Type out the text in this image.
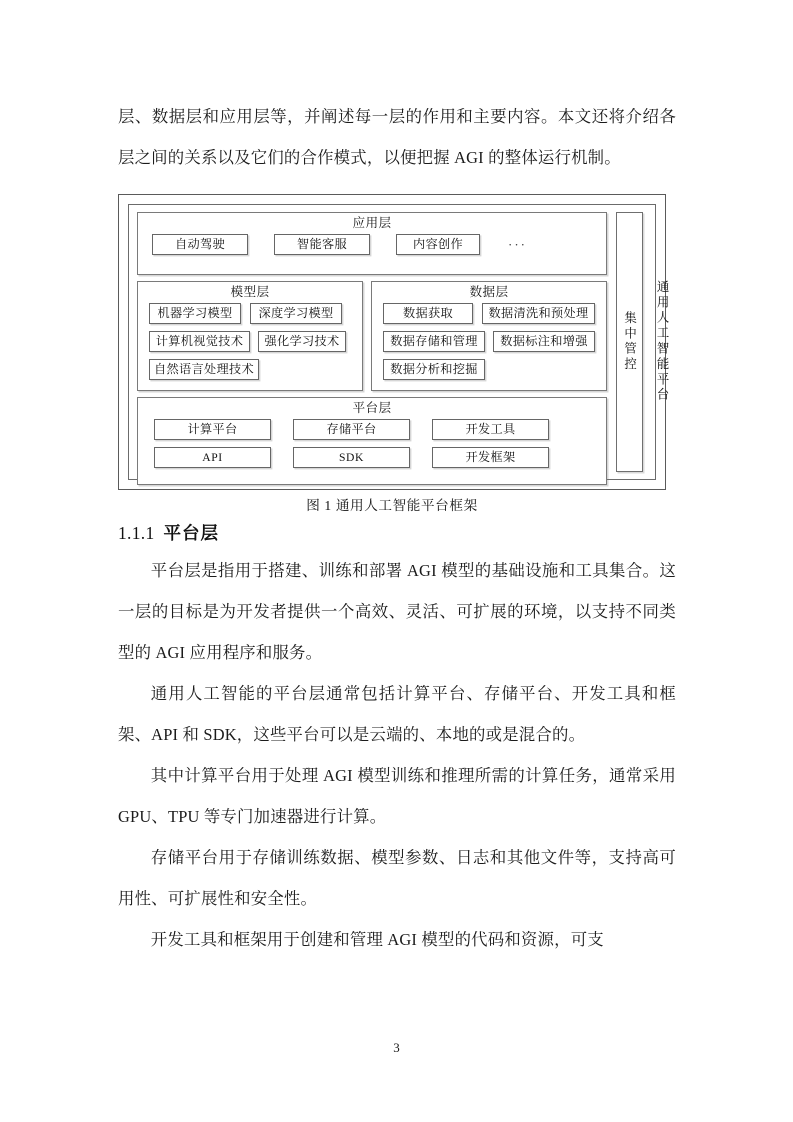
层、数据层和应用层等，并阐述每一层的作用和主要内容。本文还将介绍各层之间的关系以及它们的合作模式，以便把握 AGI 的整体运行机制。

应用层
自动驾驶	智能客服	内容创作	···
模型层
机器学习模型	深度学习模型
计算机视觉技术	强化学习技术
自然语言处理技术
数据层
数据获取	数据清洗和预处理
数据存储和管理	数据标注和增强
数据分析和挖掘
平台层
计算平台	存储平台	开发工具
API	SDK	开发框架
集中管控 通用人工智能平台
图 1 通用人工智能平台框架
1.1.1 平台层

平台层是指用于搭建、训练和部署 AGI 模型的基础设施和工具集合。这一层的目标是为开发者提供一个高效、灵活、可扩展的环境，以支持不同类型的 AGI 应用程序和服务。

通用人工智能的平台层通常包括计算平台、存储平台、开发工具和框架、API 和 SDK，这些平台可以是云端的、本地的或是混合的。

其中计算平台用于处理 AGI 模型训练和推理所需的计算任务，通常采用 GPU、TPU 等专门加速器进行计算。

存储平台用于存储训练数据、模型参数、日志和其他文件等，支持高可用性、可扩展性和安全性。

开发工具和框架用于创建和管理 AGI 模型的代码和资源，可支

3
